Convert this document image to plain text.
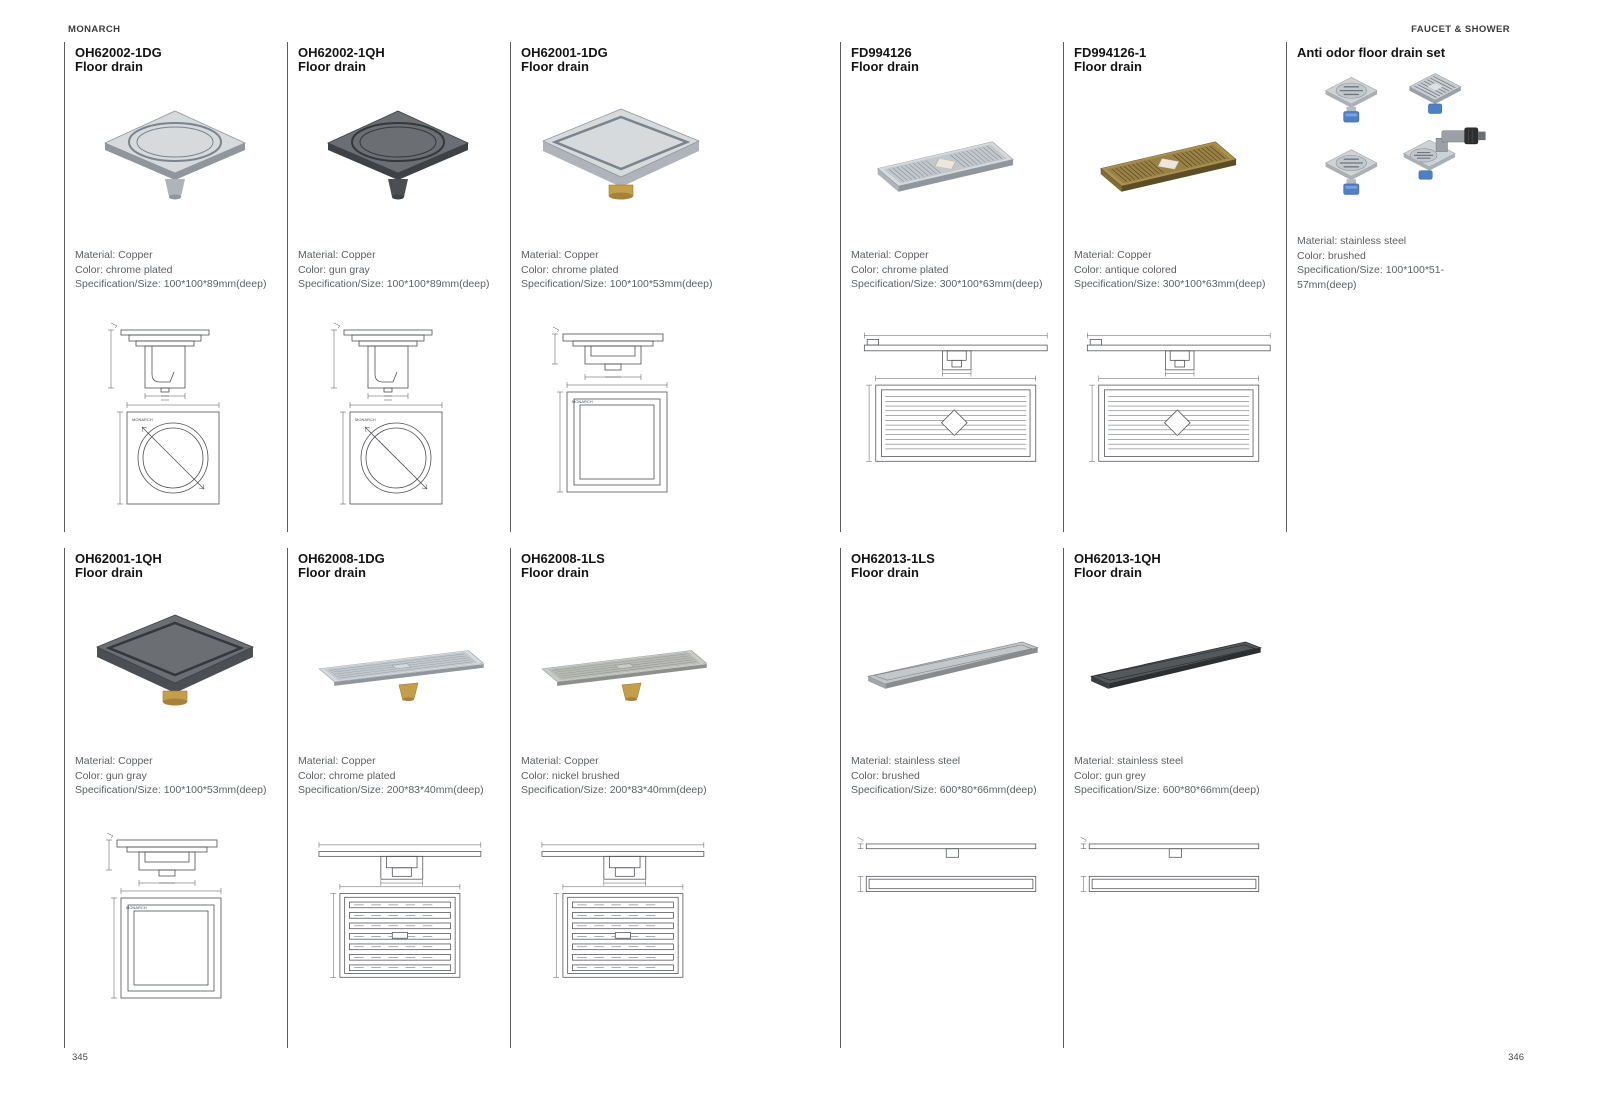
MONARCH	FAUCET & SHOWER
OH62002-1DG
Floor drain
Material: Copper
Color: chrome plated
Specification/Size: 100*100*89mm(deep)
MONARCH
OH62002-1QH
Floor drain
Material: Copper
Color: gun gray
Specification/Size: 100*100*89mm(deep)
MONARCH
OH62001-1DG
Floor drain
Material: Copper
Color: chrome plated
Specification/Size: 100*100*53mm(deep)
MONARCH
FD994126
Floor drain
Material: Copper
Color: chrome plated
Specification/Size: 300*100*63mm(deep)
FD994126-1
Floor drain
Material: Copper
Color: antique colored
Specification/Size: 300*100*63mm(deep)
Anti odor floor drain set
Material: stainless steel
Color: brushed
Specification/Size: 100*100*51-57mm(deep)
OH62001-1QH
Floor drain
Material: Copper
Color: gun gray
Specification/Size: 100*100*53mm(deep)
MONARCH
OH62008-1DG
Floor drain
Material: Copper
Color: chrome plated
Specification/Size: 200*83*40mm(deep)
OH62008-1LS
Floor drain
Material: Copper
Color: nickel brushed
Specification/Size: 200*83*40mm(deep)
OH62013-1LS
Floor drain
Material: stainless steel
Color: brushed
Specification/Size: 600*80*66mm(deep)
OH62013-1QH
Floor drain
Material: stainless steel
Color: gun grey
Specification/Size: 600*80*66mm(deep)
345	346
